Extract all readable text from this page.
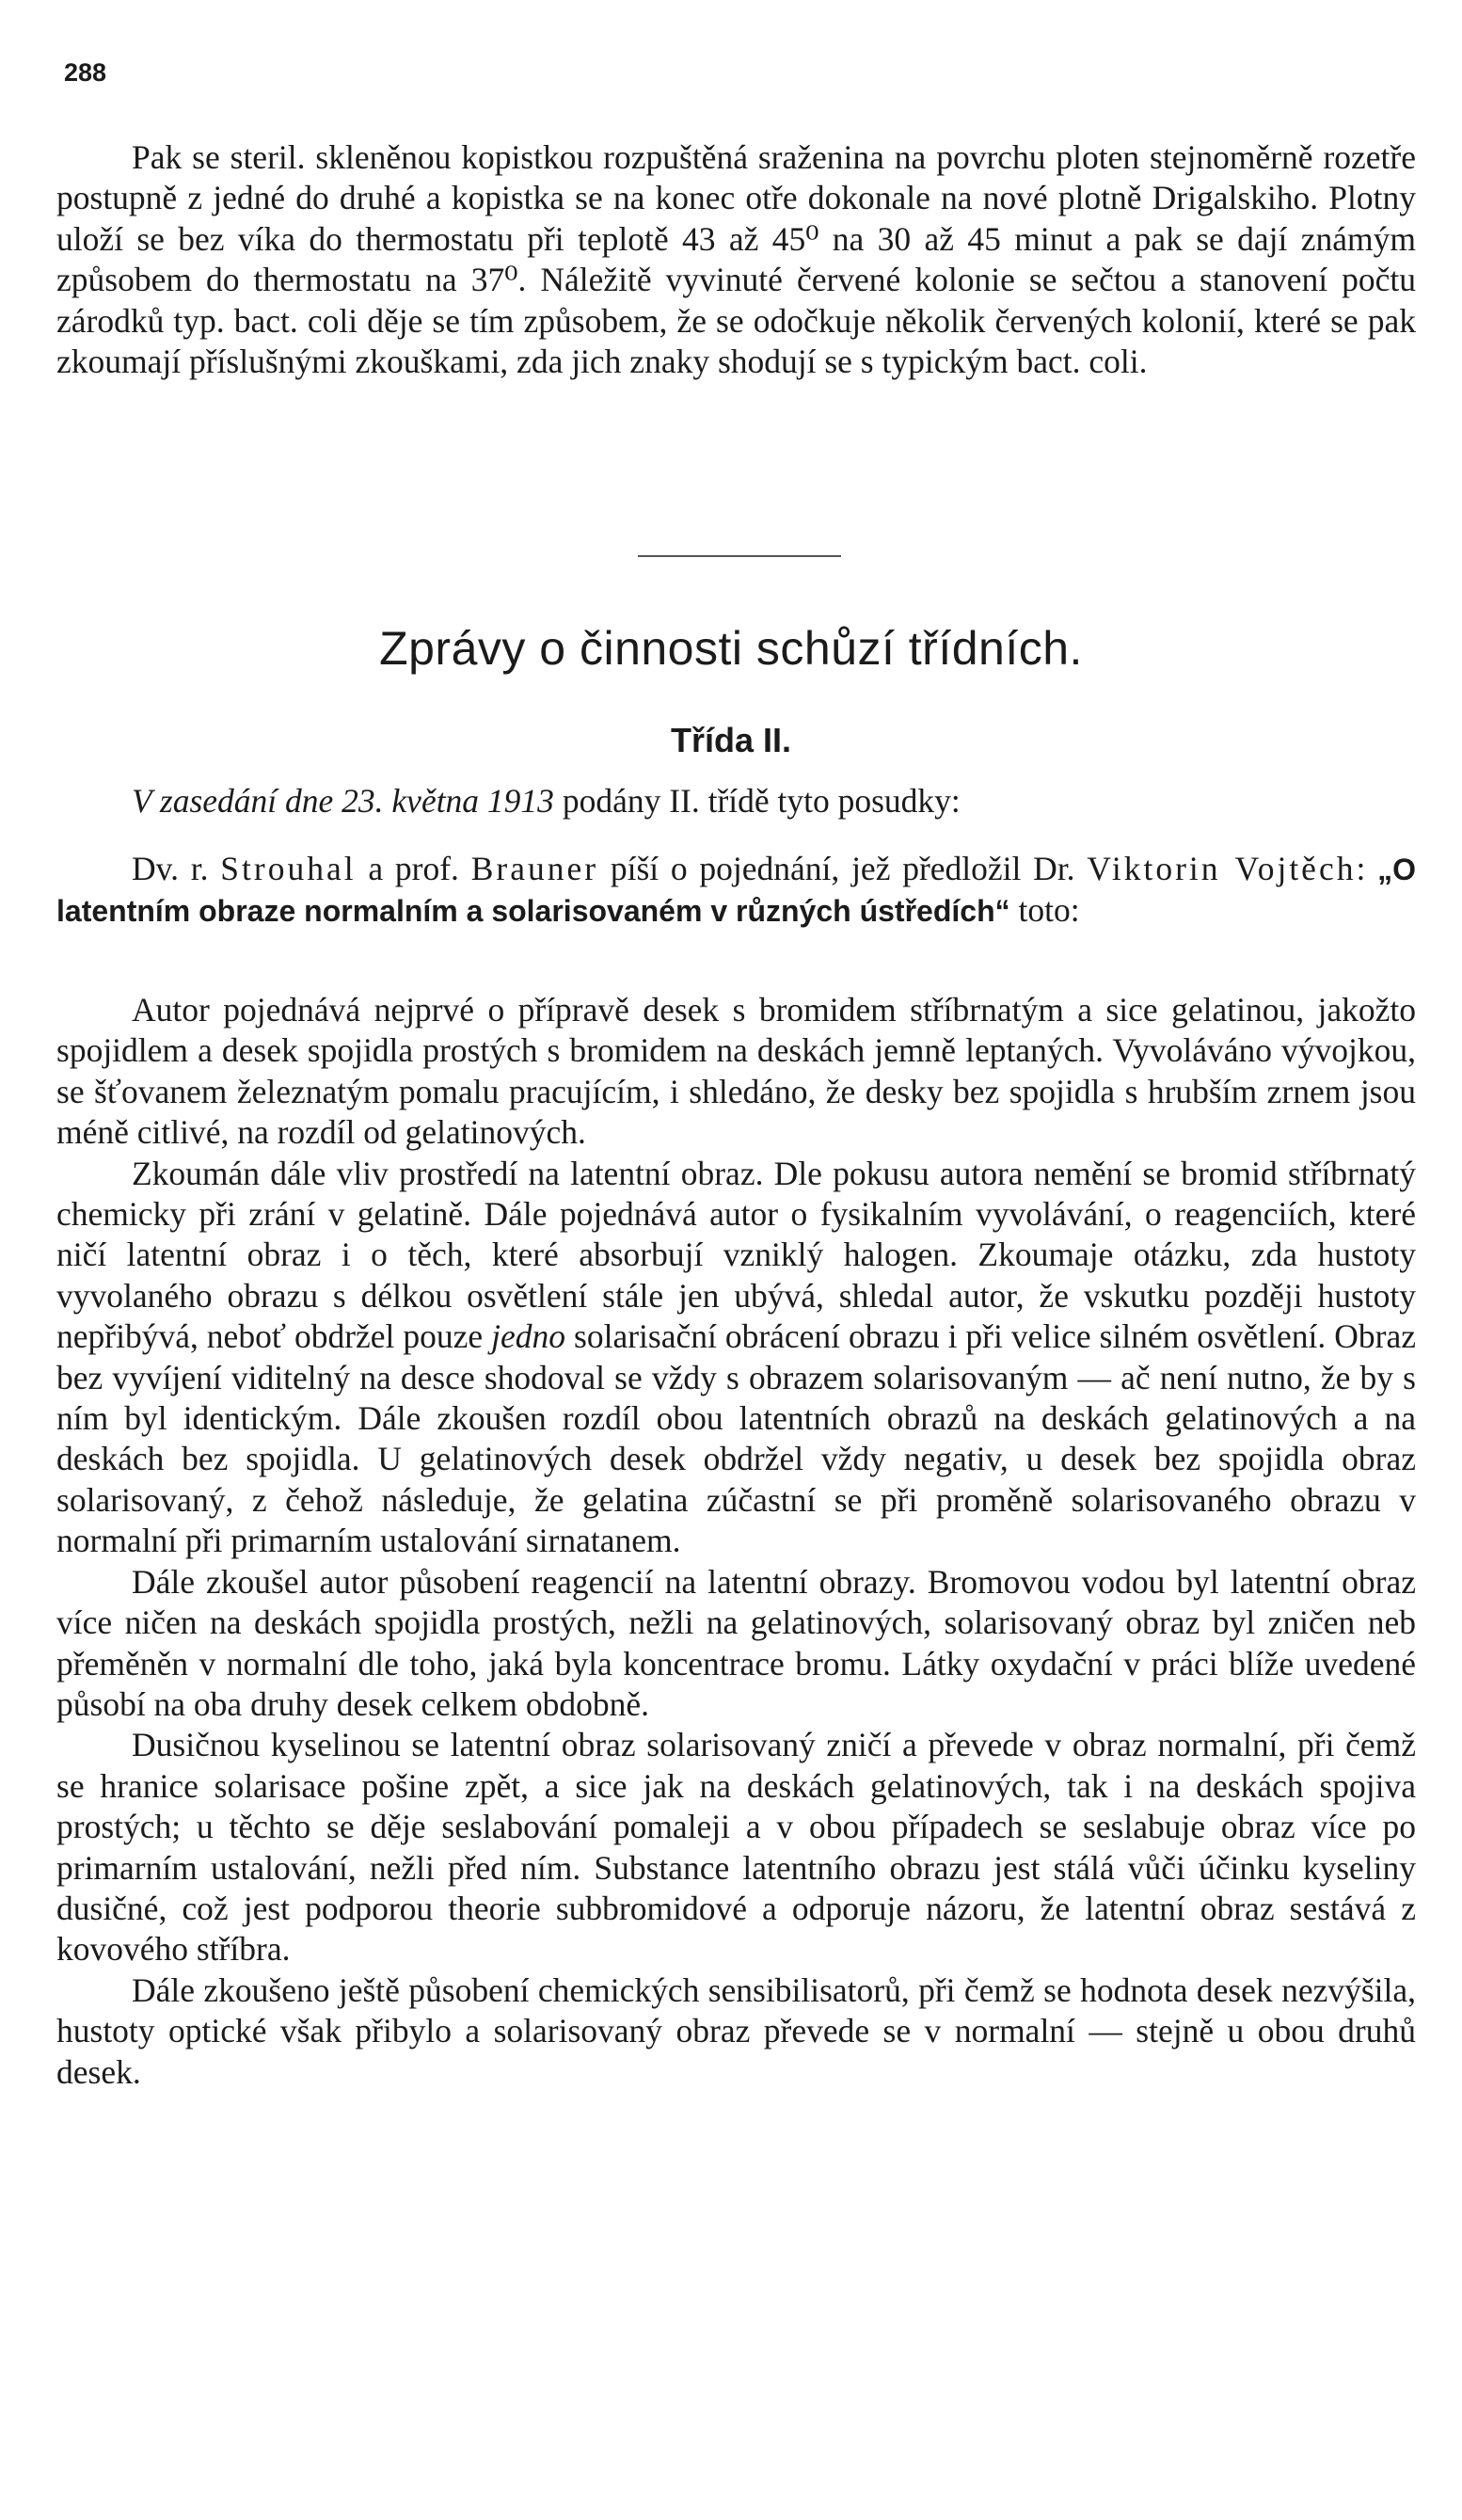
288

Pak se steril. skleněnou kopistkou rozpuštěná sraženina na povrchu ploten stejnoměrně rozetře postupně z jedné do druhé a kopistka se na konec otře dokonale na nové plotně Drigalskiho. Plotny uloží se bez víka do thermostatu při teplotě 43 až 45⁰ na 30 až 45 minut a pak se dají známým způsobem do thermostatu na 37⁰. Náležitě vyvinuté červené kolonie se sečtou a stanovení počtu zárodků typ. bact. coli děje se tím způsobem, že se odočkuje několik červených kolonií, které se pak zkoumají příslušnými zkouškami, zda jich znaky shodují se s typickým bact. coli.

Zprávy o činnosti schůzí třídních.
Třída II.

V zasedání dne 23. května 1913 podány II. třídě tyto posudky:

Dv. r. Strouhal a prof. Brauner píší o pojednání, jež předložil Dr. Viktorin Vojtěch: „O latentním obraze normalním a solarisovaném v různých ústředích“ toto:

Autor pojednává nejprvé o přípravě desek s bromidem stříbrnatým a sice gelatinou, jakožto spojidlem a desek spojidla prostých s bromidem na deskách jemně leptaných. Vyvoláváno vývojkou, se šťovanem železnatým pomalu pracujícím, i shledáno, že desky bez spojidla s hrubším zrnem jsou méně citlivé, na rozdíl od gelatinových.

Zkoumán dále vliv prostředí na latentní obraz. Dle pokusu autora nemění se bromid stříbrnatý chemicky při zrání v gelatině. Dále pojednává autor o fysikalním vyvolávání, o reagenciích, které ničí latentní obraz i o těch, které absorbují vzniklý halogen. Zkoumaje otázku, zda hustoty vyvolaného obrazu s délkou osvětlení stále jen ubývá, shledal autor, že vskutku později hustoty nepřibývá, neboť obdržel pouze jedno solarisační obrácení obrazu i při velice silném osvětlení. Obraz bez vyvíjení viditelný na desce shodoval se vždy s obrazem solarisovaným — ač není nutno, že by s ním byl identickým. Dále zkoušen rozdíl obou latentních obrazů na deskách gelatinových a na deskách bez spojidla. U gelatinových desek obdržel vždy negativ, u desek bez spojidla obraz solarisovaný, z čehož následuje, že gelatina zúčastní se při proměně solarisovaného obrazu v normalní při primarním ustalování sirnatanem.

Dále zkoušel autor působení reagencií na latentní obrazy. Bromovou vodou byl latentní obraz více ničen na deskách spojidla prostých, nežli na gelatinových, solarisovaný obraz byl zničen neb přeměněn v normalní dle toho, jaká byla koncentrace bromu. Látky oxydační v práci blíže uvedené působí na oba druhy desek celkem obdobně.

Dusičnou kyselinou se latentní obraz solarisovaný zničí a převede v obraz normalní, při čemž se hranice solarisace pošine zpět, a sice jak na deskách gelatinových, tak i na deskách spojiva prostých; u těchto se děje seslabování pomaleji a v obou případech se seslabuje obraz více po primarním ustalování, nežli před ním. Substance latentního obrazu jest stálá vůči účinku kyseliny dusičné, což jest podporou theorie subbromidové a odporuje názoru, že latentní obraz sestává z kovového stříbra.

Dále zkoušeno ještě působení chemických sensibilisatorů, při čemž se hodnota desek nezvýšila, hustoty optické však přibylo a solarisovaný obraz převede se v normalní — stejně u obou druhů desek.
